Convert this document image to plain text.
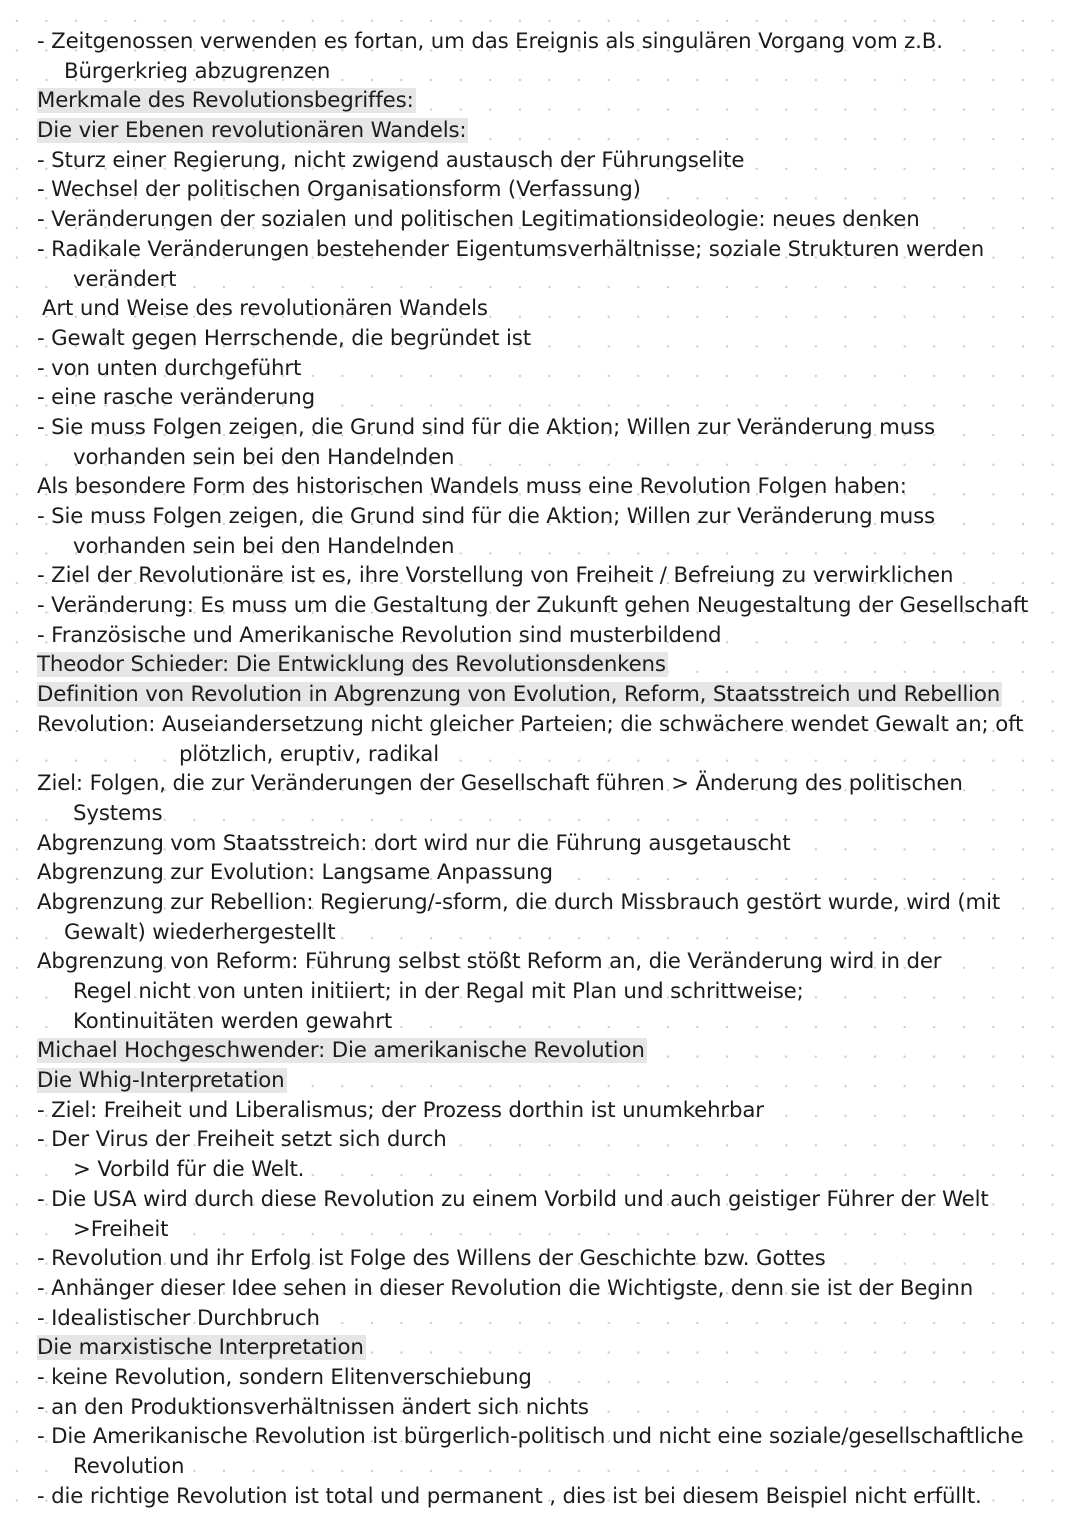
- Zeitgenossen verwenden es fortan, um das Ereignis als singulären Vorgang vom z.B.
Bürgerkrieg abzugrenzen
Merkmale des Revolutionsbegriffes:
Die vier Ebenen revolutionären Wandels:
- Sturz einer Regierung, nicht zwigend austausch der Führungselite
- Wechsel der politischen Organisationsform (Verfassung)
- Veränderungen der sozialen und politischen Legitimationsideologie: neues denken
- Radikale Veränderungen bestehender Eigentumsverhältnisse; soziale Strukturen werden
verändert
Art und Weise des revolutionären Wandels
- Gewalt gegen Herrschende, die begründet ist
- von unten durchgeführt
- eine rasche veränderung
- Sie muss Folgen zeigen, die Grund sind für die Aktion; Willen zur Veränderung muss
vorhanden sein bei den Handelnden
Als besondere Form des historischen Wandels muss eine Revolution Folgen haben:
- Sie muss Folgen zeigen, die Grund sind für die Aktion; Willen zur Veränderung muss
vorhanden sein bei den Handelnden
- Ziel der Revolutionäre ist es, ihre Vorstellung von Freiheit / Befreiung zu verwirklichen
- Veränderung: Es muss um die Gestaltung der Zukunft gehen Neugestaltung der Gesellschaft
- Französische und Amerikanische Revolution sind musterbildend
Theodor Schieder: Die Entwicklung des Revolutionsdenkens
Definition von Revolution in Abgrenzung von Evolution, Reform, Staatsstreich und Rebellion
Revolution: Auseiandersetzung nicht gleicher Parteien; die schwächere wendet Gewalt an; oft
plötzlich, eruptiv, radikal
Ziel: Folgen, die zur Veränderungen der Gesellschaft führen > Änderung des politischen
Systems
Abgrenzung vom Staatsstreich: dort wird nur die Führung ausgetauscht
Abgrenzung zur Evolution: Langsame Anpassung
Abgrenzung zur Rebellion: Regierung/-sform, die durch Missbrauch gestört wurde, wird (mit
Gewalt) wiederhergestellt
Abgrenzung von Reform: Führung selbst stößt Reform an, die Veränderung wird in der
Regel nicht von unten initiiert; in der Regal mit Plan und schrittweise;
Kontinuitäten werden gewahrt
Michael Hochgeschwender: Die amerikanische Revolution
Die Whig-Interpretation
- Ziel: Freiheit und Liberalismus; der Prozess dorthin ist unumkehrbar
- Der Virus der Freiheit setzt sich durch
> Vorbild für die Welt.
- Die USA wird durch diese Revolution zu einem Vorbild und auch geistiger Führer der Welt
>Freiheit
- Revolution und ihr Erfolg ist Folge des Willens der Geschichte bzw. Gottes
- Anhänger dieser Idee sehen in dieser Revolution die Wichtigste, denn sie ist der Beginn
- Idealistischer Durchbruch
Die marxistische Interpretation
- keine Revolution, sondern Elitenverschiebung
- an den Produktionsverhältnissen ändert sich nichts
- Die Amerikanische Revolution ist bürgerlich-politisch und nicht eine soziale/gesellschaftliche
Revolution
- die richtige Revolution ist total und permanent , dies ist bei diesem Beispiel nicht erfüllt.
